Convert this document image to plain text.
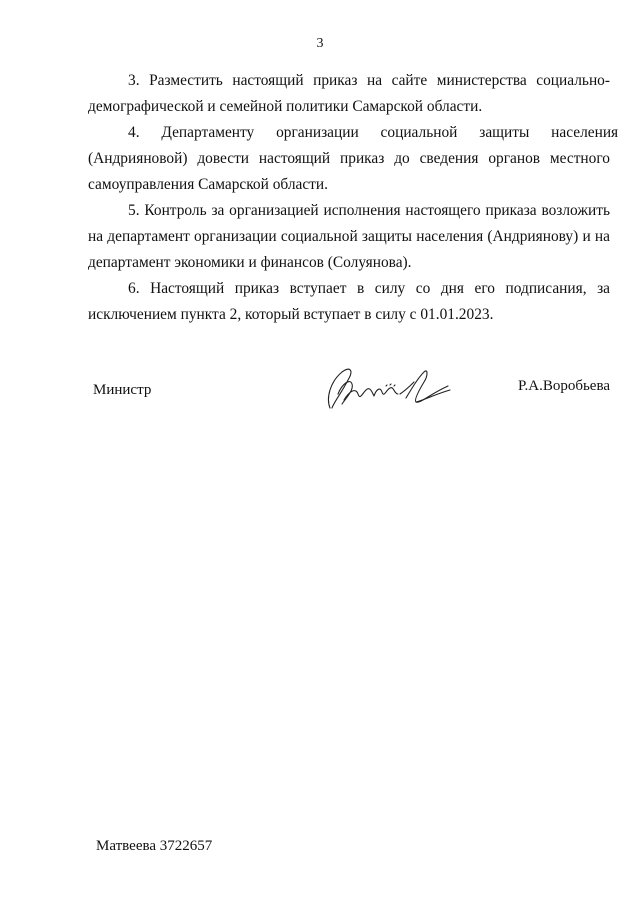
3

3. Разместить настоящий приказ на сайте министерства социально-
демографической и семейной политики Самарской области.

4. Департаменту организации социальной защиты населения
(Андрияновой) довести настоящий приказ до сведения органов местного
самоуправления Самарской области.

5. Контроль за организацией исполнения настоящего приказа возложить
на департамент организации социальной защиты населения (Андриянову) и на
департамент экономики и финансов (Солуянова).

6. Настоящий приказ вступает в силу со дня его подписания, за
исключением пункта 2, который вступает в силу с 01.01.2023.

Министр	Р.А.Воробьева
Матвеева 3722657
